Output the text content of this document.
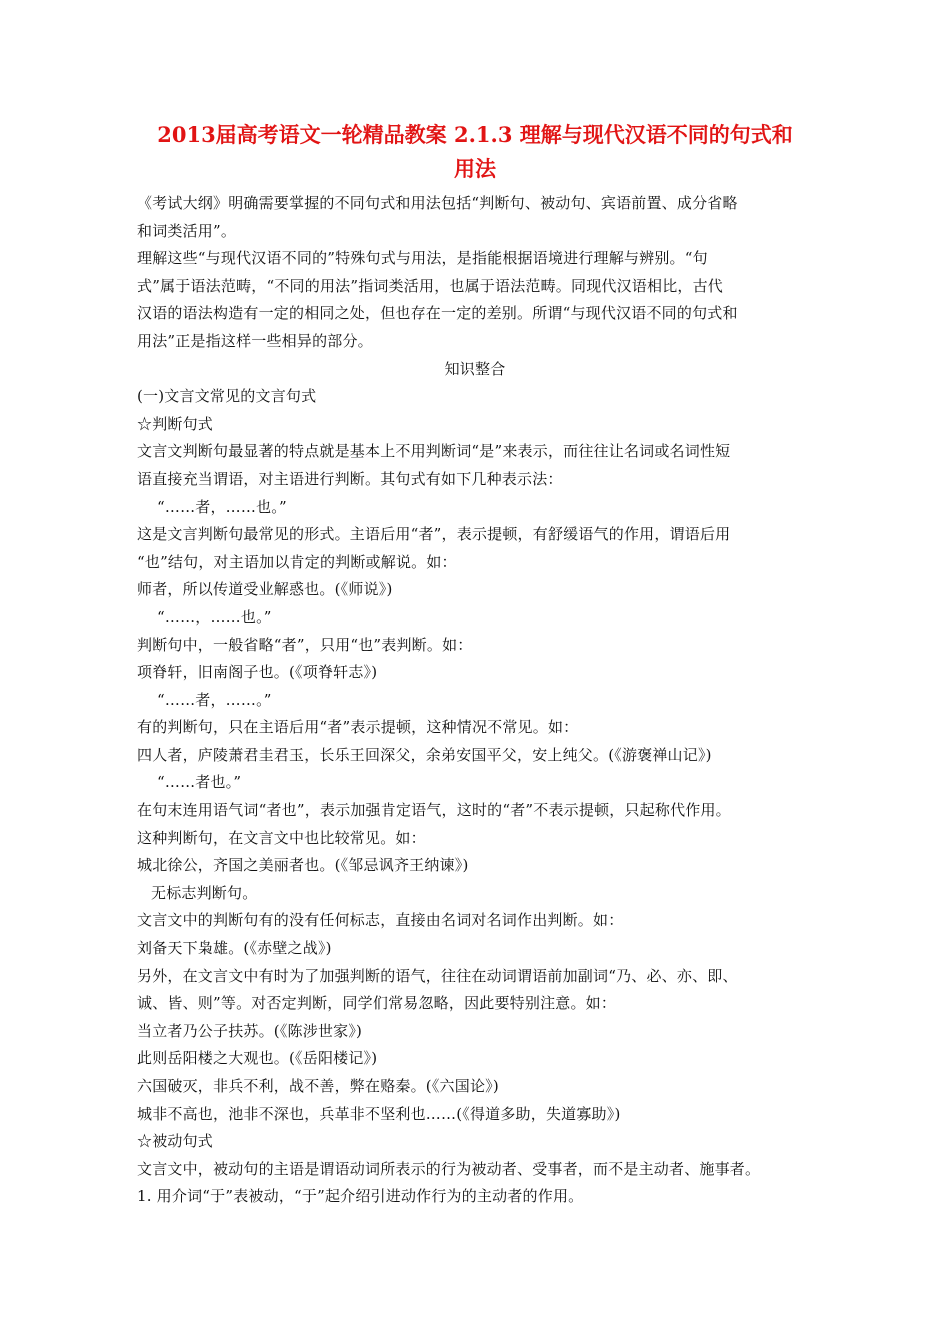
2013届高考语文一轮精品教案 2.1.3 理解与现代汉语不同的句式和
用法
《考试大纲》明确需要掌握的不同句式和用法包括“判断句、被动句、宾语前置、成分省略
和词类活用”。
理解这些“与现代汉语不同的”特殊句式与用法，是指能根据语境进行理解与辨别。“句
式”属于语法范畴，“不同的用法”指词类活用，也属于语法范畴。同现代汉语相比，古代
汉语的语法构造有一定的相同之处，但也存在一定的差别。所谓“与现代汉语不同的句式和
用法”正是指这样一些相异的部分。
知识整合
(一)文言文常见的文言句式
☆判断句式
文言文判断句最显著的特点就是基本上不用判断词“是”来表示，而往往让名词或名词性短
语直接充当谓语，对主语进行判断。其句式有如下几种表示法：
“……者，……也。”
这是文言判断句最常见的形式。主语后用“者”，表示提顿，有舒缓语气的作用，谓语后用
“也”结句，对主语加以肯定的判断或解说。如：
师者，所以传道受业解惑也。(《师说》)
“……，……也。”
判断句中，一般省略“者”，只用“也”表判断。如：
项脊轩，旧南阁子也。(《项脊轩志》)
“……者，……。”
有的判断句，只在主语后用“者”表示提顿，这种情况不常见。如：
四人者，庐陵萧君圭君玉，长乐王回深父，余弟安国平父，安上纯父。(《游褒禅山记》)
“……者也。”
在句末连用语气词“者也”，表示加强肯定语气，这时的“者”不表示提顿，只起称代作用。
这种判断句，在文言文中也比较常见。如：
城北徐公，齐国之美丽者也。(《邹忌讽齐王纳谏》)
无标志判断句。
文言文中的判断句有的没有任何标志，直接由名词对名词作出判断。如：
刘备天下枭雄。(《赤壁之战》)
另外，在文言文中有时为了加强判断的语气，往往在动词谓语前加副词“乃、必、亦、即、
诚、皆、则”等。对否定判断，同学们常易忽略，因此要特别注意。如：
当立者乃公子扶苏。(《陈涉世家》)
此则岳阳楼之大观也。(《岳阳楼记》)
六国破灭，非兵不利，战不善，弊在赂秦。(《六国论》)
城非不高也，池非不深也，兵革非不坚利也……(《得道多助，失道寡助》)
☆被动句式
文言文中，被动句的主语是谓语动词所表示的行为被动者、受事者，而不是主动者、施事者。
1. 用介词“于”表被动，“于”起介绍引进动作行为的主动者的作用。
